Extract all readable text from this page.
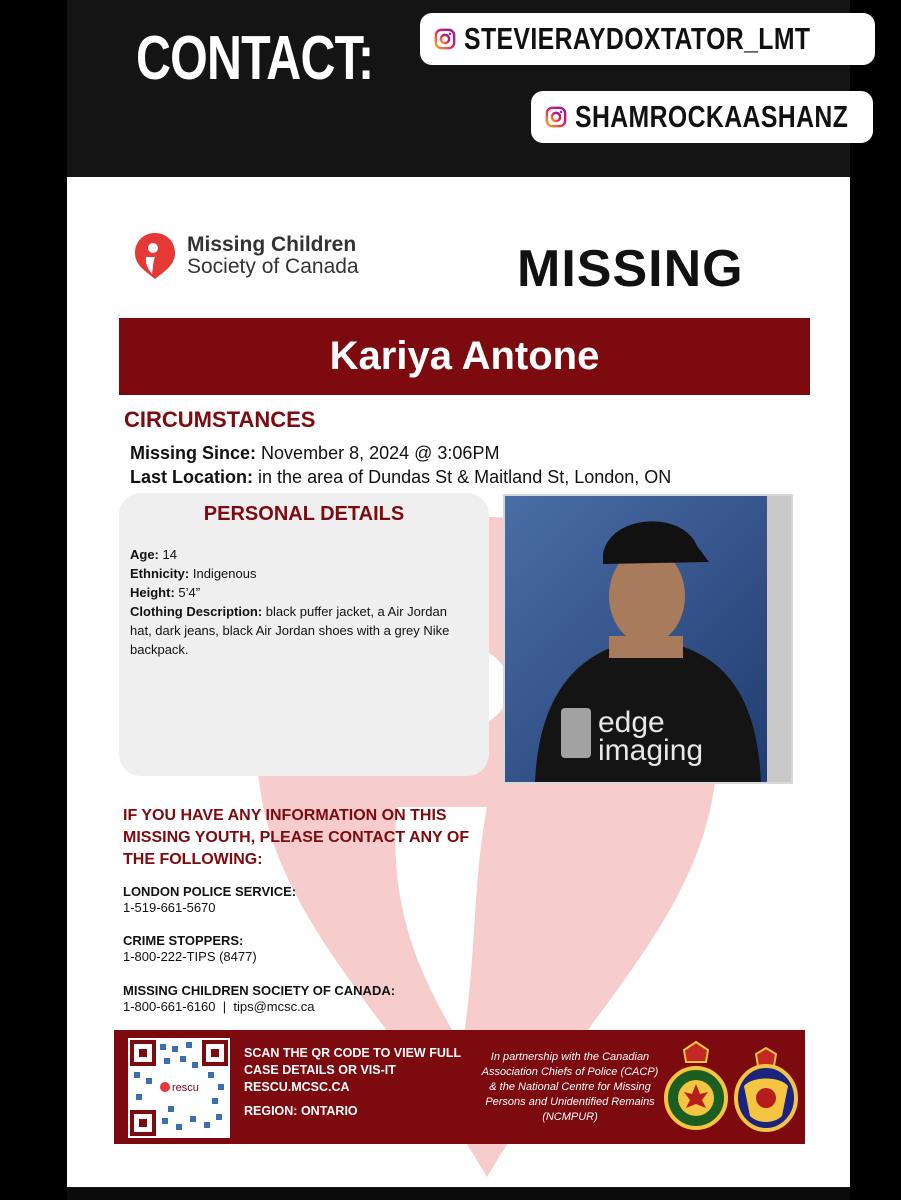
CONTACT:	STEVIERAYDOXTATOR_LMT
SHAMROCKAASHANZ
Missing Children
Society of Canada	MISSING
Kariya Antone
CIRCUMSTANCES
Missing Since: November 8, 2024 @ 3:06PM
Last Location: in the area of Dundas St & Maitland St, London, ON
PERSONAL DETAILS
Age: 14
Ethnicity: Indigenous
Height: 5’4”
Clothing Description: black puffer jacket, a Air Jordan hat, dark jeans, black Air Jordan shoes with a grey Nike backpack.
edge
imaging
IF YOU HAVE ANY INFORMATION ON THIS MISSING YOUTH, PLEASE CONTACT ANY OF THE FOLLOWING:
LONDON POLICE SERVICE:
1-519-661-5670
CRIME STOPPERS:
1-800-222-TIPS (8477)
MISSING CHILDREN SOCIETY OF CANADA:
1-800-661-6160  |  tips@mcsc.ca
rescu
SCAN THE QR CODE TO VIEW FULL CASE DETAILS OR VIS-IT RESCU.MCSC.CA
REGION: ONTARIO
In partnership with the Canadian Association Chiefs of Police (CACP) & the National Centre for Missing Persons and Unidentified Remains (NCMPUR)
